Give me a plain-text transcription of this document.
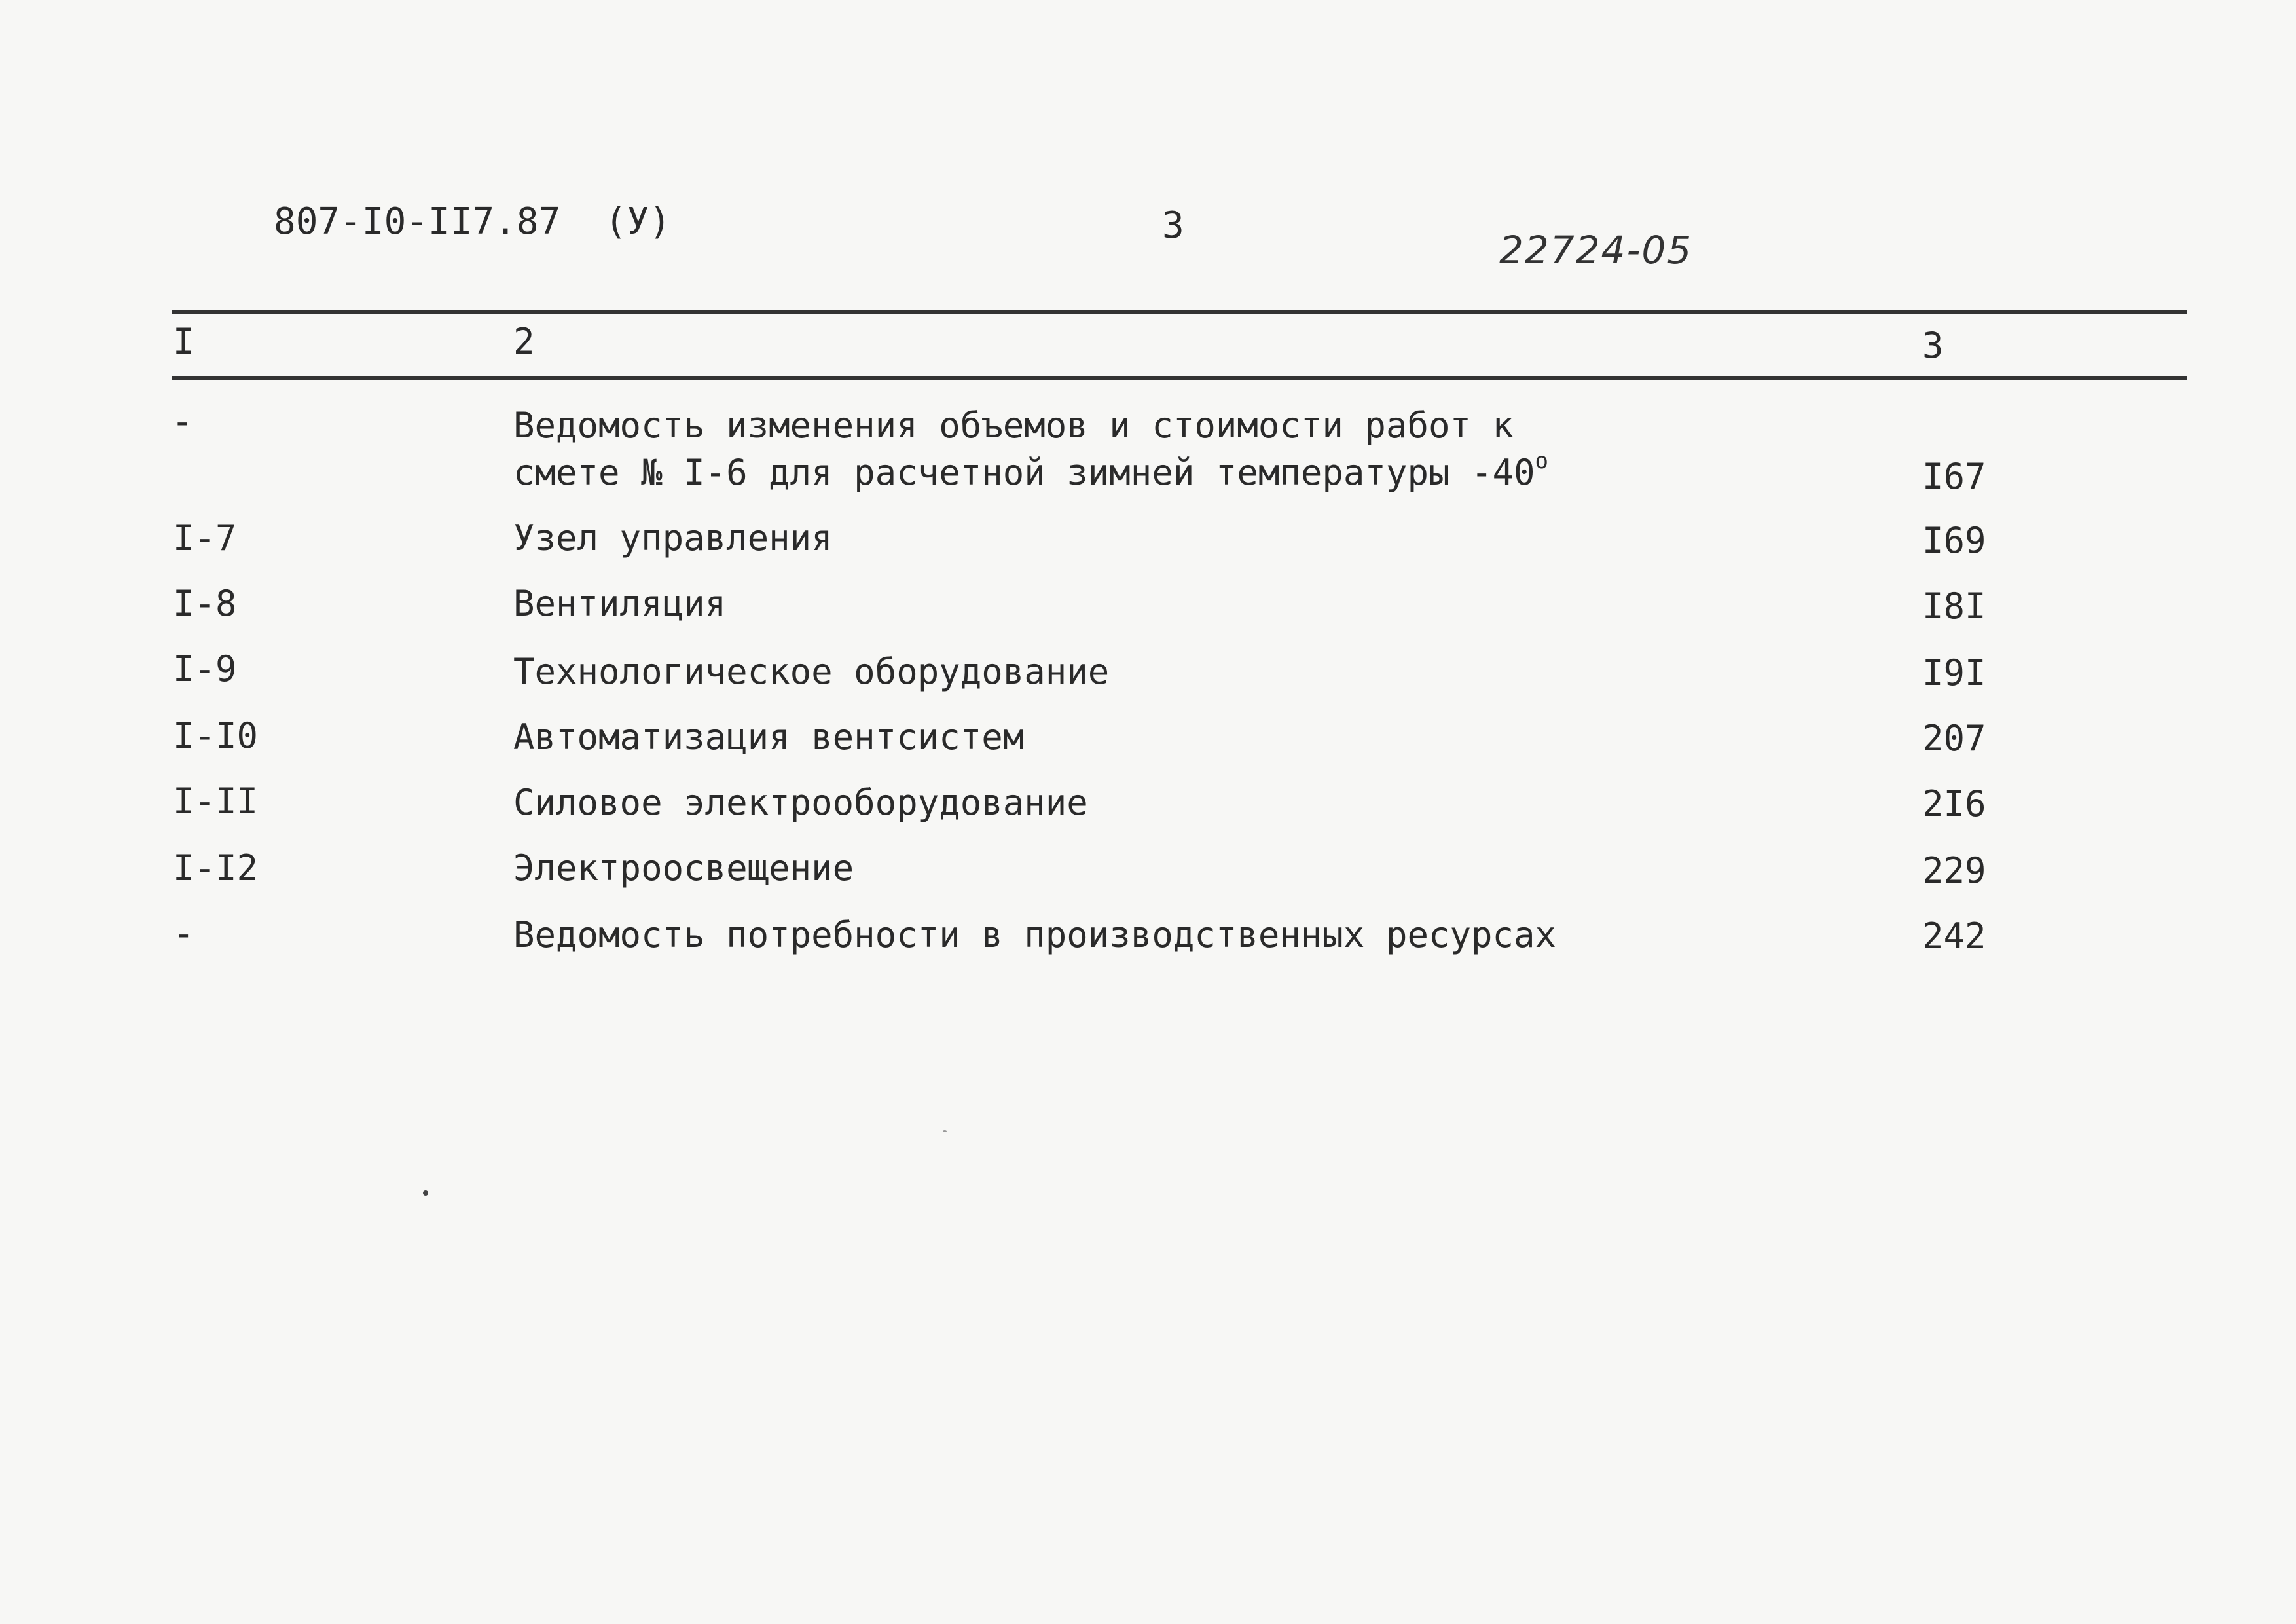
807-I0-II7.87 (У)	3
22724-05
I	2	3
-	Ведомость изменения объемов и стоимости работ к
смете № I-6 для расчетной зимней температуры $-40^о$	I67
I-7	Узел управления	I69
I-8	Вентиляция	I8I
I-9	Технологическое оборудование	I9I
I-I0	Автоматизация вентсистем	207
I-II	Силовое электрооборудование	2I6
I-I2	Электроосвещение	229
-	Ведомость потребности в производственных ресурсах	242
